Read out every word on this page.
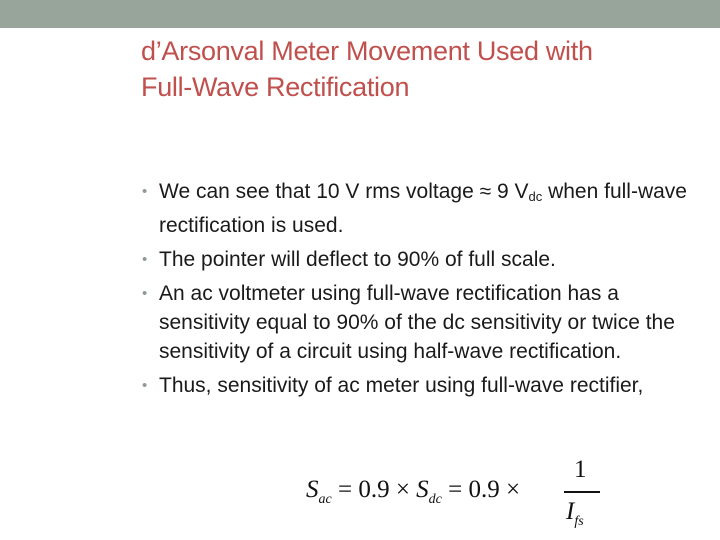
d’Arsonval Meter Movement Used with
Full-Wave Rectification
• We can see that 10 V rms voltage ≈ 9 $V_{dc}$ when full-wave rectification is used.
• The pointer will deflect to 90% of full scale.
• An ac voltmeter using full-wave rectification has a sensitivity equal to 90% of the dc sensitivity or twice the sensitivity of a circuit using half-wave rectification.
• Thus, sensitivity of ac meter using full-wave rectifier,
$S_{ac} = 0.9 \times S_{dc} = 0.9$ ×
1
$I_{fs}$
